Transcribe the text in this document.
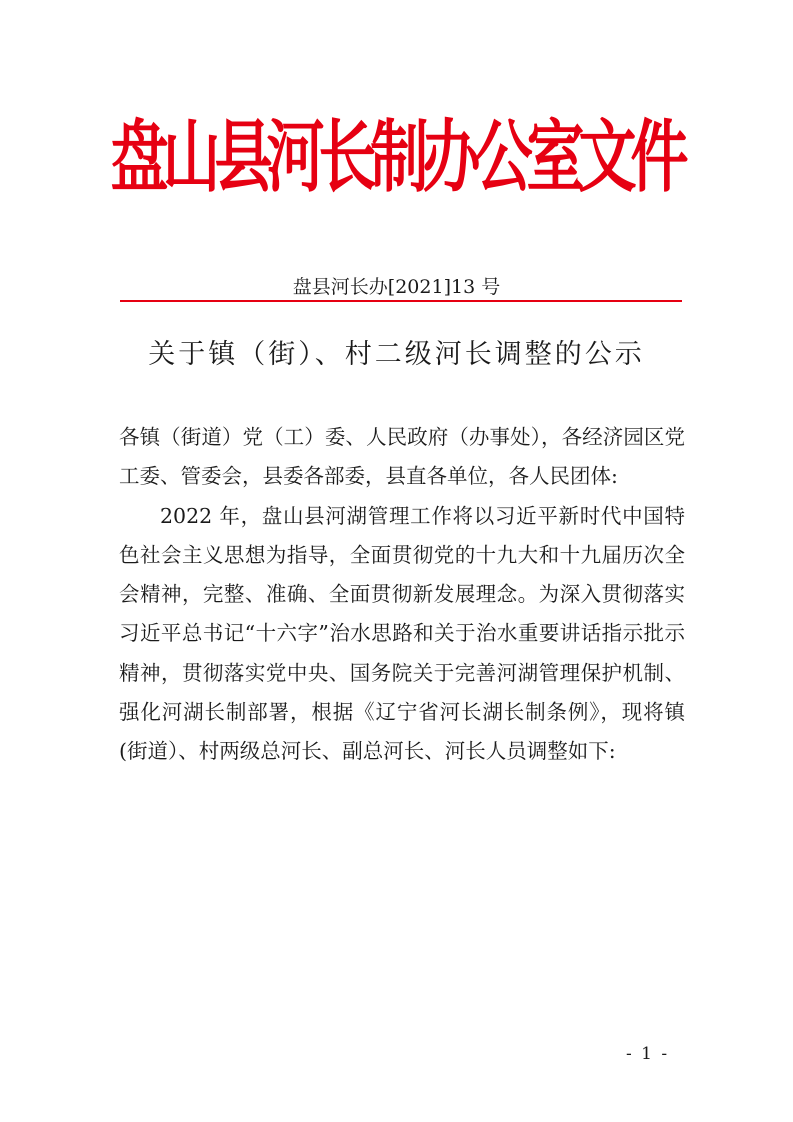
盘山县河长制办公室文件
盘县河长办[2021]13 号
关于镇（街）、村二级河长调整的公示

各镇（街道）党（工）委、人民政府（办事处），各经济园区党工委、管委会，县委各部委，县直各单位，各人民团体:

2022 年，盘山县河湖管理工作将以习近平新时代中国特色社会主义思想为指导，全面贯彻党的十九大和十九届历次全会精神，完整、准确、全面贯彻新发展理念。为深入贯彻落实习近平总书记“十六字”治水思路和关于治水重要讲话指示批示精神，贯彻落实党中央、国务院关于完善河湖管理保护机制、强化河湖长制部署，根据《辽宁省河长湖长制条例》，现将镇(街道）、村两级总河长、副总河长、河长人员调整如下:

- 1 -
